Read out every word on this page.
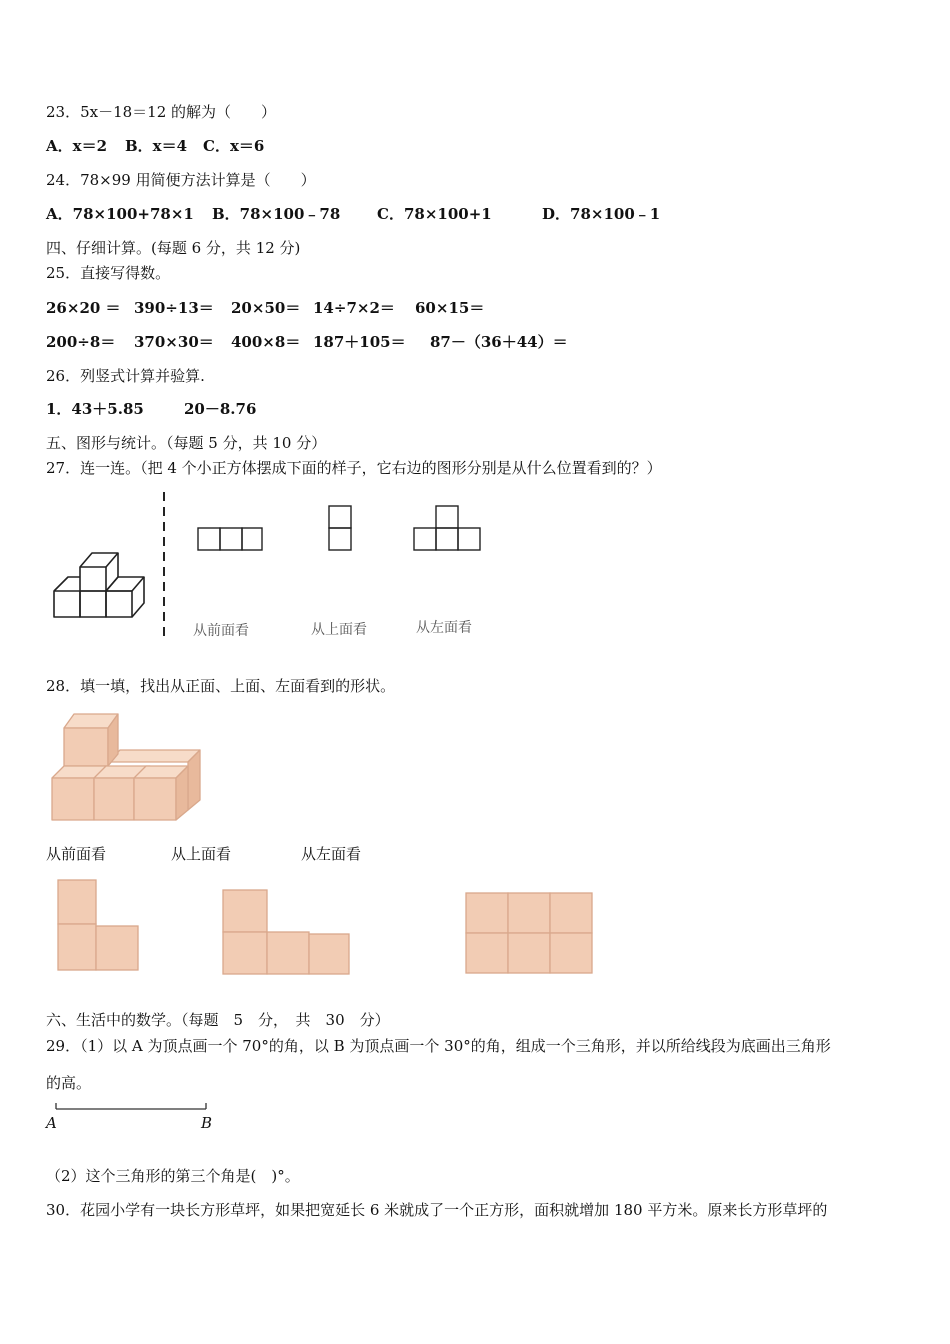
23．5x－18＝12 的解为（　　）
A．x＝2 B．x＝4 C．x＝6
24．78×99 用简便方法计算是（　　）
A．78×100+78×1 B．78×100﹣78 C．78×100+1	D．78×100﹣1
四、仔细计算。(每题 6 分，共 12 分)
25．直接写得数。
26×20 ＝ 390÷13＝ 20×50＝ 14÷7×2＝ 60×15＝
200÷8＝ 370×30＝ 400×8＝ 187＋105＝ 87－（36＋44）＝
26．列竖式计算并验算.
1．43＋5.85	20－8.76
五、图形与统计。（每题 5 分，共 10 分）
27．连一连。（把 4 个小正方体摆成下面的样子，它右边的图形分别是从什么位置看到的？）
从前面看	从上面看	从左面看
28．填一填，找出从正面、上面、左面看到的形状。
从前面看	从上面看	从左面看
六、生活中的数学。（每题　5　分，　共　30　分）
29．（1）以 A 为顶点画一个 70°的角，以 B 为顶点画一个 30°的角，组成一个三角形，并以所给线段为底画出三角形
的高。
A	B
（2）这个三角形的第三个角是(　)°。
30．花园小学有一块长方形草坪，如果把宽延长 6 米就成了一个正方形，面积就增加 180 平方米。原来长方形草坪的
